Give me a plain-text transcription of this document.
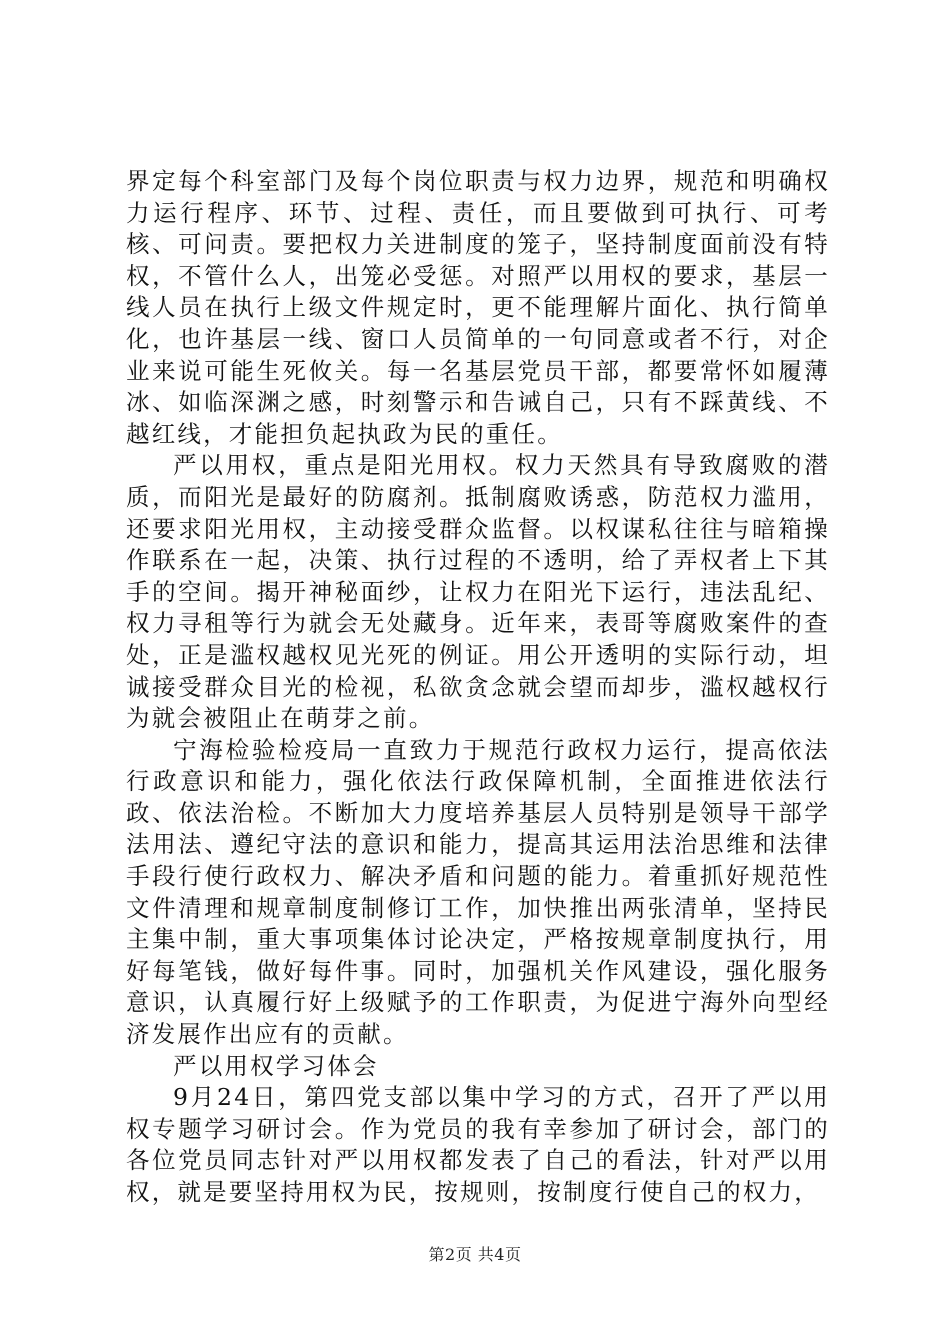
界定每个科室部门及每个岗位职责与权力边界，规范和明确权力运行程序、环节、过程、责任，而且要做到可执行、可考核、可问责。要把权力关进制度的笼子，坚持制度面前没有特权，不管什么人，出笼必受惩。对照严以用权的要求，基层一线人员在执行上级文件规定时，更不能理解片面化、执行简单化，也许基层一线、窗口人员简单的一句同意或者不行，对企业来说可能生死攸关。每一名基层党员干部，都要常怀如履薄冰、如临深渊之感，时刻警示和告诫自己，只有不踩黄线、不越红线，才能担负起执政为民的重任。

严以用权，重点是阳光用权。权力天然具有导致腐败的潜质，而阳光是最好的防腐剂。抵制腐败诱惑，防范权力滥用，还要求阳光用权，主动接受群众监督。以权谋私往往与暗箱操作联系在一起，决策、执行过程的不透明，给了弄权者上下其手的空间。揭开神秘面纱，让权力在阳光下运行，违法乱纪、权力寻租等行为就会无处藏身。近年来，表哥等腐败案件的查处，正是滥权越权见光死的例证。用公开透明的实际行动，坦诚接受群众目光的检视，私欲贪念就会望而却步，滥权越权行为就会被阻止在萌芽之前。

宁海检验检疫局一直致力于规范行政权力运行，提高依法行政意识和能力，强化依法行政保障机制，全面推进依法行政、依法治检。不断加大力度培养基层人员特别是领导干部学法用法、遵纪守法的意识和能力，提高其运用法治思维和法律手段行使行政权力、解决矛盾和问题的能力。着重抓好规范性文件清理和规章制度制修订工作，加快推出两张清单，坚持民主集中制，重大事项集体讨论决定，严格按规章制度执行，用好每笔钱，做好每件事。同时，加强机关作风建设，强化服务意识，认真履行好上级赋予的工作职责，为促进宁海外向型经济发展作出应有的贡献。

严以用权学习体会

9月24日，第四党支部以集中学习的方式，召开了严以用权专题学习研讨会。作为党员的我有幸参加了研讨会，部门的各位党员同志针对严以用权都发表了自己的看法，针对严以用权，就是要坚持用权为民，按规则，按制度行使自己的权力，

第2页 共4页
